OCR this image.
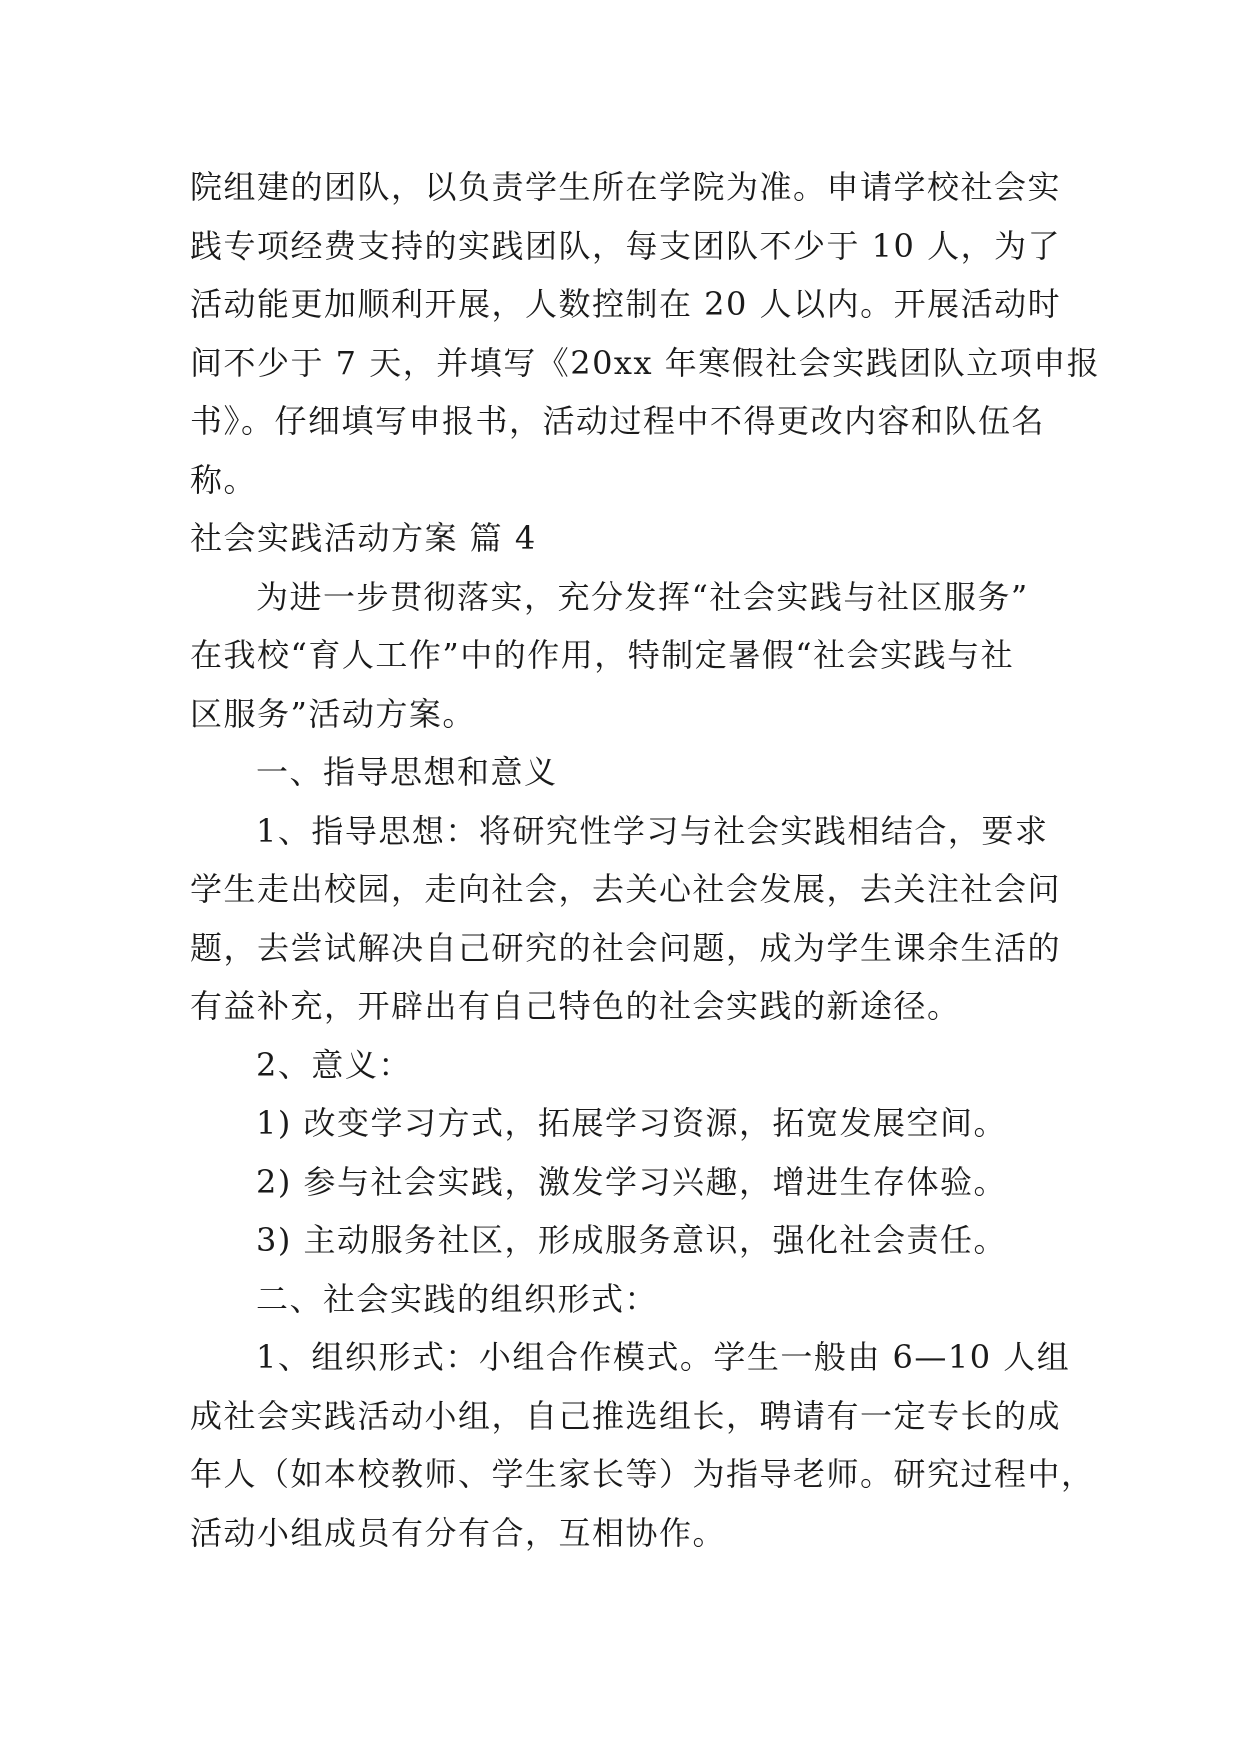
院组建的团队，以负责学生所在学院为准。申请学校社会实
践专项经费支持的实践团队，每支团队不少于 10 人，为了
活动能更加顺利开展，人数控制在 20 人以内。开展活动时
间不少于 7 天，并填写《20xx 年寒假社会实践团队立项申报
书》。仔细填写申报书，活动过程中不得更改内容和队伍名
称。
社会实践活动方案 篇 4
为进一步贯彻落实，充分发挥“社会实践与社区服务”
在我校“育人工作”中的作用，特制定暑假“社会实践与社
区服务”活动方案。
一、指导思想和意义
1、指导思想：将研究性学习与社会实践相结合，要求
学生走出校园，走向社会，去关心社会发展，去关注社会问
题，去尝试解决自己研究的社会问题，成为学生课余生活的
有益补充，开辟出有自己特色的社会实践的新途径。
2、意义：
1) 改变学习方式，拓展学习资源，拓宽发展空间。
2) 参与社会实践，激发学习兴趣，增进生存体验。
3) 主动服务社区，形成服务意识，强化社会责任。
二、社会实践的组织形式：
1、组织形式：小组合作模式。学生一般由 6—10 人组
成社会实践活动小组，自己推选组长，聘请有一定专长的成
年人（如本校教师、学生家长等）为指导老师。研究过程中，
活动小组成员有分有合，互相协作。
